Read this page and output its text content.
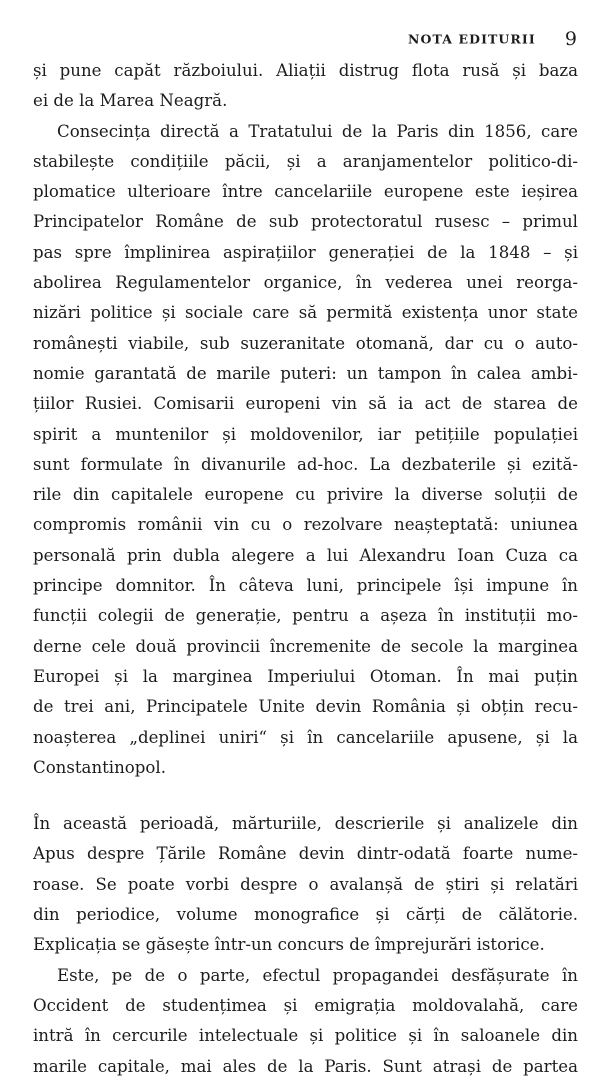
NOTA EDITURII 9
și pune capăt războiului. Aliații distrug flota rusă și baza
ei de la Marea Neagră.
Consecința directă a Tratatului de la Paris din 1856, care
stabilește condițiile păcii, și a aranjamentelor politico-di-
plomatice ulterioare între cancelariile europene este ieșirea
Principatelor Române de sub protectoratul rusesc – primul
pas spre împlinirea aspirațiilor generației de la 1848 – și
abolirea Regulamentelor organice, în vederea unei reorga-
nizări politice și sociale care să permită existența unor state
românești viabile, sub suzeranitate otomană, dar cu o auto-
nomie garantată de marile puteri: un tampon în calea ambi-
țiilor Rusiei. Comisarii europeni vin să ia act de starea de
spirit a muntenilor și moldovenilor, iar petițiile populației
sunt formulate în divanurile ad-hoc. La dezbaterile și ezită-
rile din capitalele europene cu privire la diverse soluții de
compromis românii vin cu o rezolvare neașteptată: uniunea
personală prin dubla alegere a lui Alexandru Ioan Cuza ca
principe domnitor. În câteva luni, principele își impune în
funcții colegii de generație, pentru a așeza în instituții mo-
derne cele două provincii încremenite de secole la marginea
Europei și la marginea Imperiului Otoman. În mai puțin
de trei ani, Principatele Unite devin România și obțin recu-
noașterea „deplinei uniri“ și în cancelariile apusene, și la
Constantinopol.
În această perioadă, mărturiile, descrierile și analizele din
Apus despre Țările Române devin dintr-odată foarte nume-
roase. Se poate vorbi despre o avalanșă de știri și relatări
din periodice, volume monografice și cărți de călătorie.
Explicația se găsește într-un concurs de împrejurări istorice.
Este, pe de o parte, efectul propagandei desfășurate în
Occident de studențimea și emigrația moldovalahă, care
intră în cercurile intelectuale și politice și în saloanele din
marile capitale, mai ales de la Paris. Sunt atrași de partea
